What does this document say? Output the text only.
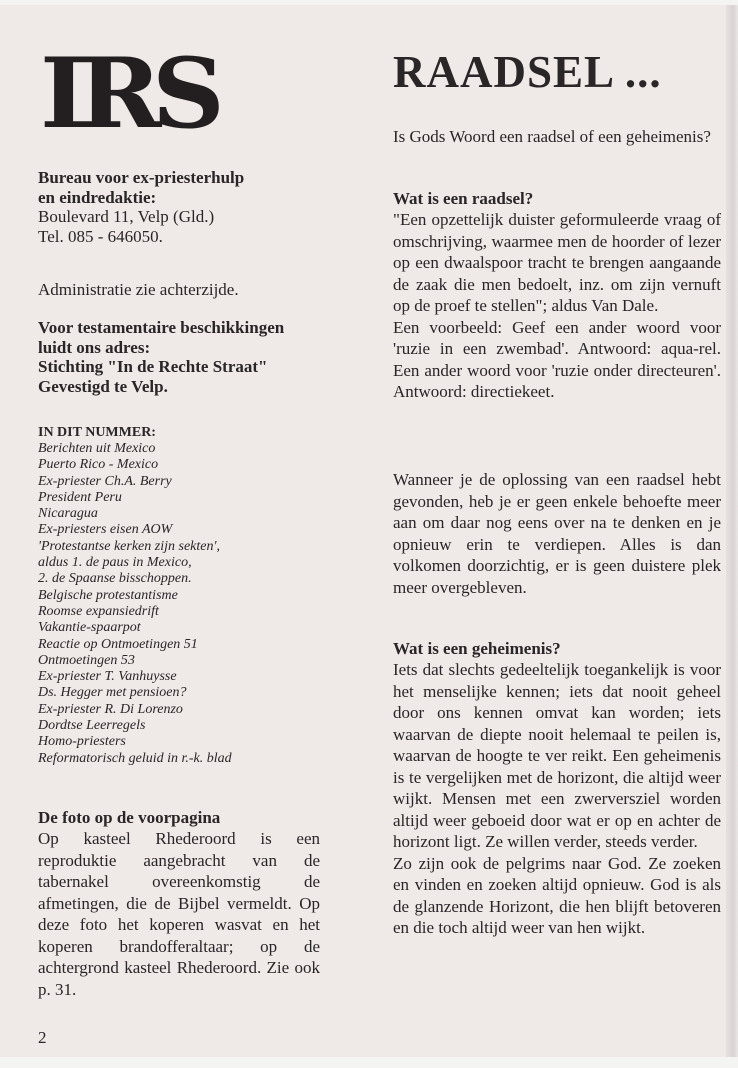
IRS
Bureau voor ex-priesterhulp
en eindredaktie:
Boulevard 11, Velp (Gld.)
Tel. 085 - 646050.
Administratie zie achterzijde.
Voor testamentaire beschikkingen
luidt ons adres:
Stichting "In de Rechte Straat"
Gevestigd te Velp.
IN DIT NUMMER:
Berichten uit Mexico
Puerto Rico - Mexico
Ex-priester Ch.A. Berry
President Peru
Nicaragua
Ex-priesters eisen AOW
'Protestantse kerken zijn sekten',
aldus 1. de paus in Mexico,
2. de Spaanse bisschoppen.
Belgische protestantisme
Roomse expansiedrift
Vakantie-spaarpot
Reactie op Ontmoetingen 51
Ontmoetingen 53
Ex-priester T. Vanhuysse
Ds. Hegger met pensioen?
Ex-priester R. Di Lorenzo
Dordtse Leerregels
Homo-priesters
Reformatorisch geluid in r.-k. blad
De foto op de voorpagina

Op kasteel Rhederoord is een reproduktie aangebracht van de tabernakel overeenkomstig de afmetingen, die de Bijbel vermeldt. Op deze foto het koperen wasvat en het koperen brandofferaltaar; op de achtergrond kasteel Rhederoord. Zie ook p. 31.

2
RAADSEL ...

Is Gods Woord een raadsel of een geheimenis?

Wat is een raadsel?

"Een opzettelijk duister geformuleerde vraag of omschrijving, waarmee men de hoorder of lezer op een dwaalspoor tracht te brengen aangaande de zaak die men bedoelt, inz. om zijn vernuft op de proef te stellen"; aldus Van Dale.

Een voorbeeld: Geef een ander woord voor 'ruzie in een zwembad'. Antwoord: aqua-rel. Een ander woord voor 'ruzie onder directeuren'. Antwoord: directiekeet.

Wanneer je de oplossing van een raadsel hebt gevonden, heb je er geen enkele behoefte meer aan om daar nog eens over na te denken en je opnieuw erin te verdiepen. Alles is dan volkomen doorzichtig, er is geen duistere plek meer overgebleven.

Wat is een geheimenis?

Iets dat slechts gedeeltelijk toegankelijk is voor het menselijke kennen; iets dat nooit geheel door ons kennen omvat kan worden; iets waarvan de diepte nooit helemaal te peilen is, waarvan de hoogte te ver reikt. Een geheimenis is te vergelijken met de horizont, die altijd weer wijkt. Mensen met een zwerversziel worden altijd weer geboeid door wat er op en achter de horizont ligt. Ze willen verder, steeds verder.

Zo zijn ook de pelgrims naar God. Ze zoeken en vinden en zoeken altijd opnieuw. God is als de glanzende Horizont, die hen blijft betoveren en die toch altijd weer van hen wijkt.
